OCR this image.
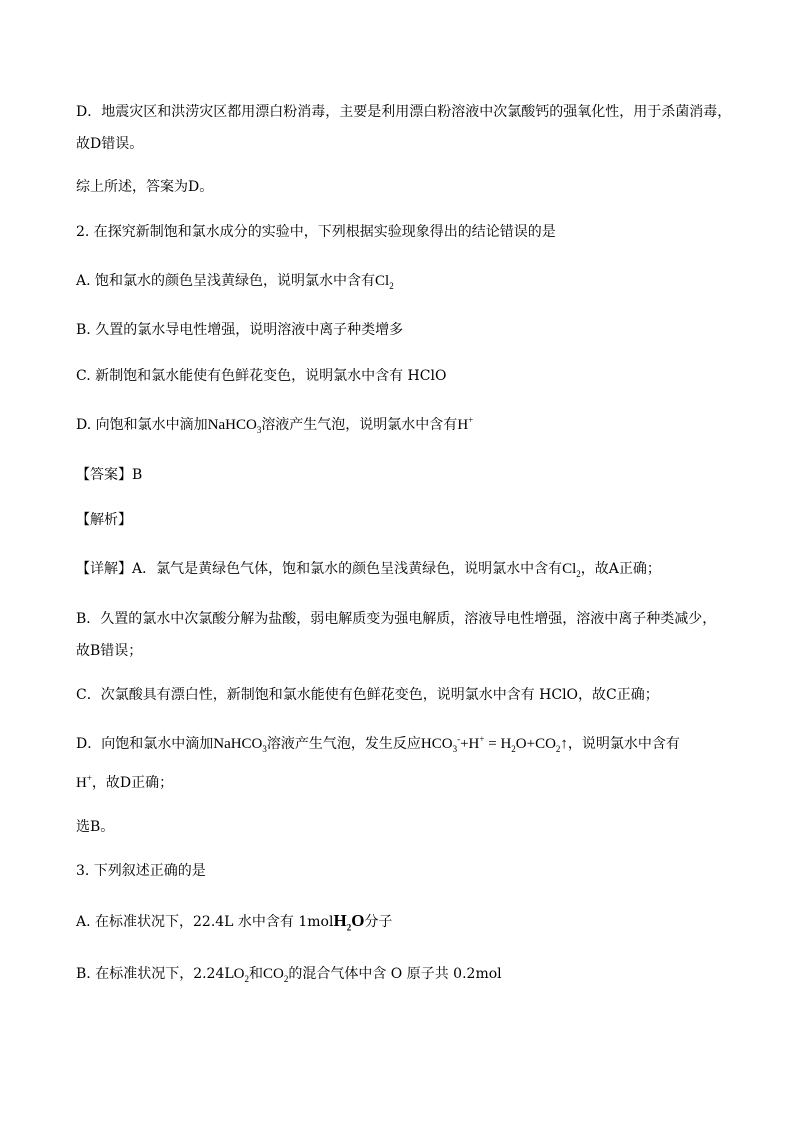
D．地震灾区和洪涝灾区都用漂白粉消毒，主要是利用漂白粉溶液中次氯酸钙的强氧化性，用于杀菌消毒，
故D错误。
综上所述，答案为D。
2. 在探究新制饱和氯水成分的实验中，下列根据实验现象得出的结论错误的是
A. 饱和氯水的颜色呈浅黄绿色，说明氯水中含有$Cl_2$
B. 久置的氯水导电性增强，说明溶液中离子种类增多
C. 新制饱和氯水能使有色鲜花变色，说明氯水中含有 HClO
D. 向饱和氯水中滴加NaHCO$_3$溶液产生气泡，说明氯水中含有H+
【答案】B
【解析】
【详解】A．氯气是黄绿色气体，饱和氯水的颜色呈浅黄绿色，说明氯水中含有$Cl_2$，故A正确；
B．久置的氯水中次氯酸分解为盐酸，弱电解质变为强电解质，溶液导电性增强，溶液中离子种类减少，
故B错误；
C．次氯酸具有漂白性，新制饱和氯水能使有色鲜花变色，说明氯水中含有 HClO，故C正确；
D．向饱和氯水中滴加NaHCO$_3$溶液产生气泡，发生反应$HCO_3^-+H^+$ = $H_2O+CO_2↑$，说明氯水中含有
H+，故D正确；
选B。
3. 下列叙述正确的是
A. 在标准状况下，22.4L 水中含有 1molH$_2$O分子
B. 在标准状况下，$2.24LO_2$和$CO_2$的混合气体中含 O 原子共 0.2mol
